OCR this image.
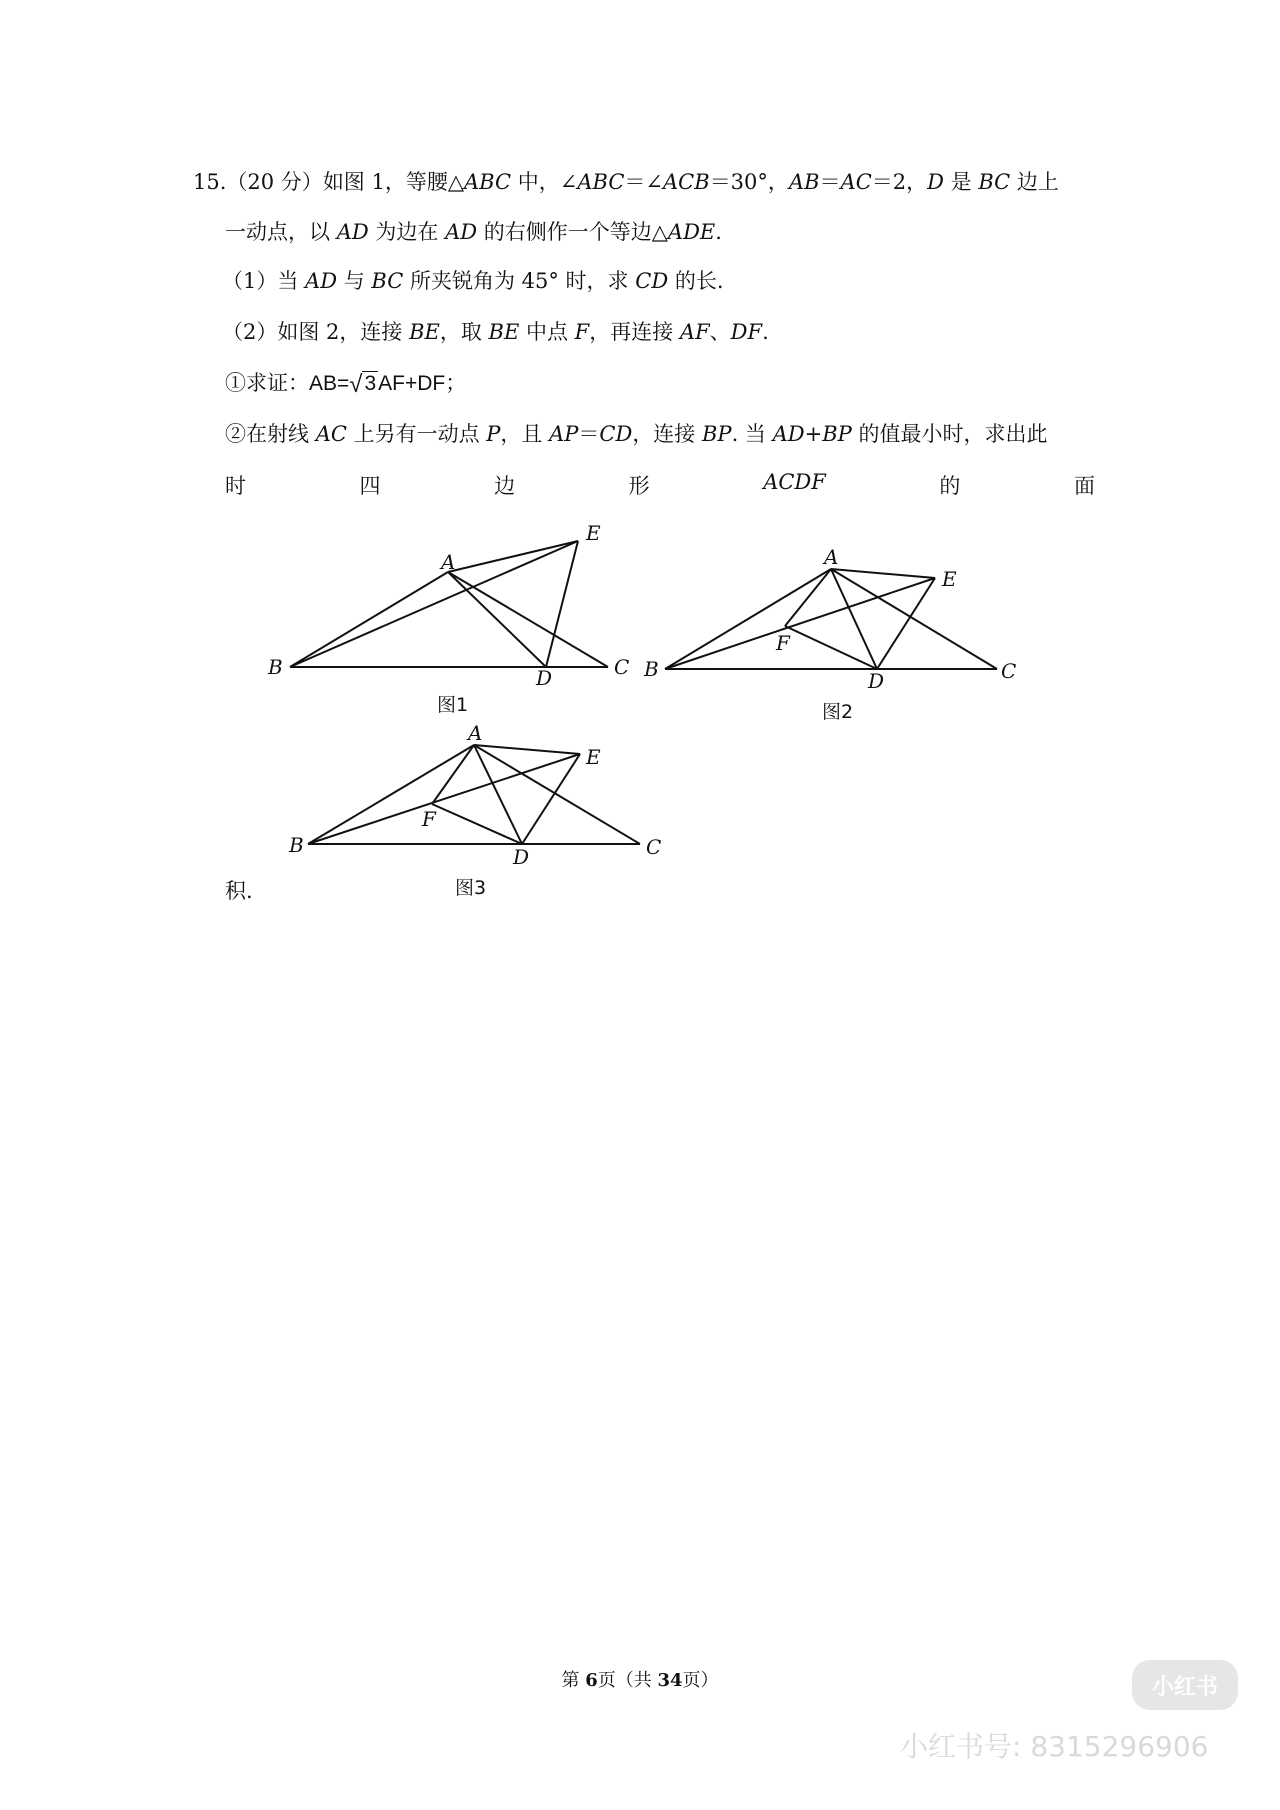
15.（20 分）如图 1，等腰△ABC 中，∠ABC＝∠ACB＝30°，AB＝AC＝2，D 是 BC 边上
一动点，以 AD 为边在 AD 的右侧作一个等边△ADE.
（1）当 AD 与 BC 所夹锐角为 45° 时，求 CD 的长.
（2）如图 2，连接 BE，取 BE 中点 F，再连接 AF、DF.
①求证：AB=√3AF+DF；
②在射线 AC 上另有一动点 P，且 AP＝CD，连接 BP. 当 AD+BP 的值最小时，求出此
时	四	边	形	ACDF	的	面
积.
A
B	C
D
E
图1
A
B	C
D
E
F
图2
A
B	C
D
E
F
图3
第 6页（共 34页）	小红书
小红书号: 8315296906
